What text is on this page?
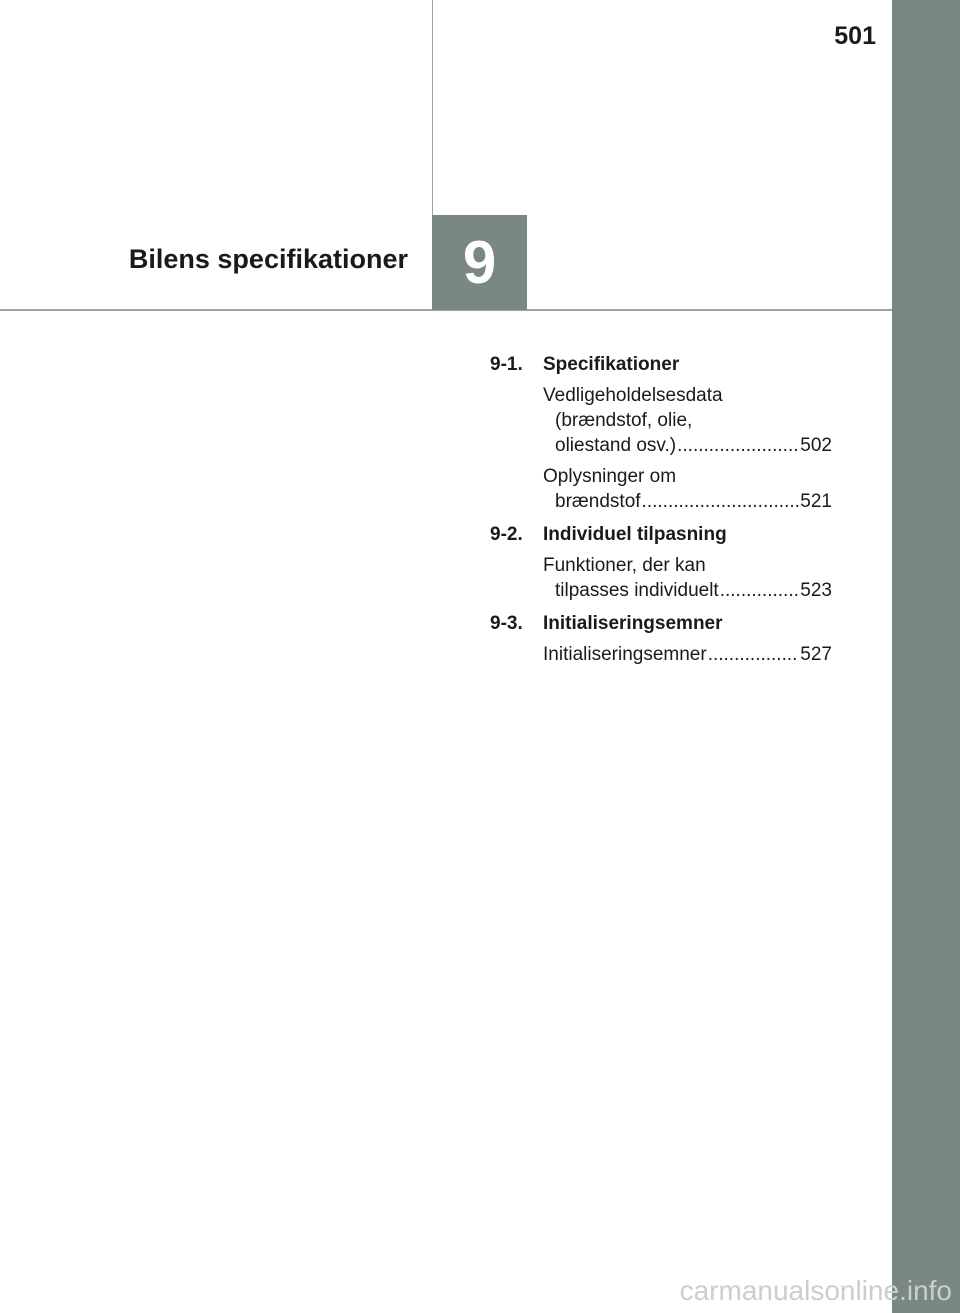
501
Bilens specifikationer 9
9-1.	Specifikationer
Vedligeholdelsesdata
(brændstof, olie,
oliestand osv.) .....	502
Oplysninger om
brændstof .....	521
9-2.	Individuel tilpasning
Funktioner, der kan
tilpasses individuelt .....	523
9-3.	Initialiseringsemner
Initialiseringsemner .....	527
carmanualsonline.info
